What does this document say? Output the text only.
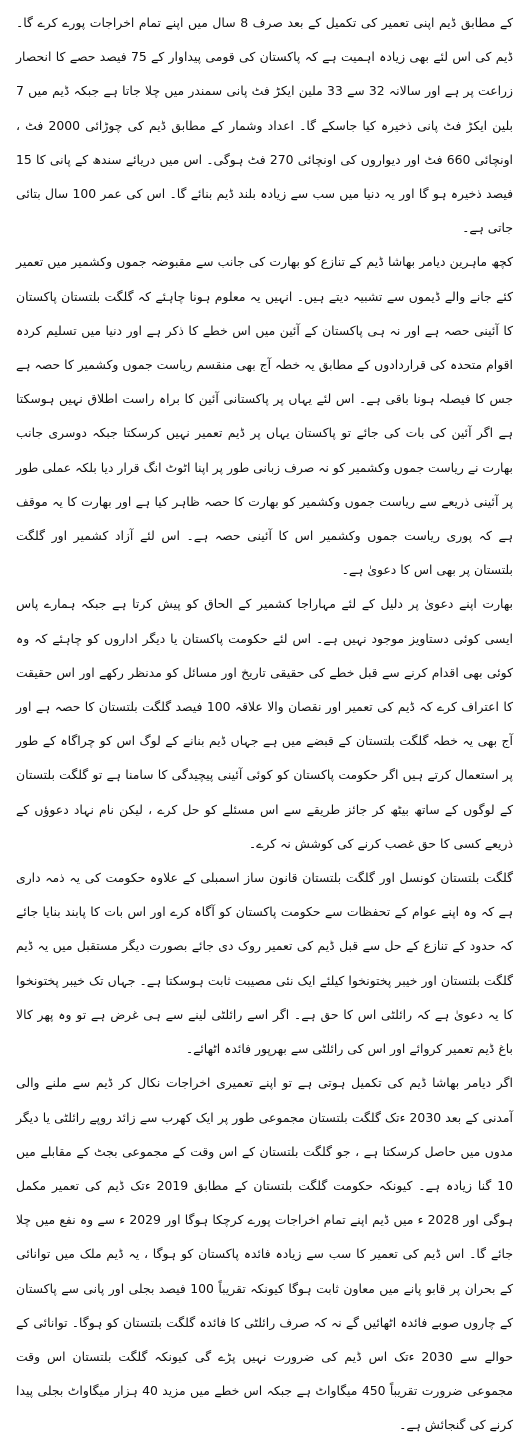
کے مطابق ڈیم اپنی تعمیر کی تکمیل کے بعد صرف 8 سال میں اپنے تمام اخراجات پورے کرے گا۔ ڈیم کی اس لئے بھی زیادہ اہمیت ہے کہ پاکستان کی قومی پیداوار کے 75 فیصد حصے کا انحصار زراعت پر ہے اور سالانہ 32 سے 33 ملین ایکڑ فٹ پانی سمندر میں چلا جاتا ہے جبکہ ڈیم میں 7 بلین ایکڑ فٹ پانی ذخیرہ کیا جاسکے گا۔ اعداد وشمار کے مطابق ڈیم کی چوڑائی 2000 فٹ ، اونچائی 660 فٹ اور دیواروں کی اونچائی 270 فٹ ہوگی۔ اس میں دریائے سندھ کے پانی کا 15 فیصد ذخیرہ ہو گا اور یہ دنیا میں سب سے زیادہ بلند ڈیم بنائے گا۔ اس کی عمر 100 سال بتائی جاتی ہے۔

کچھ ماہرین دیامر بھاشا ڈیم کے تنازع کو بھارت کی جانب سے مقبوضہ جموں وکشمیر میں تعمیر کئے جانے والے ڈیموں سے تشبیہ دیتے ہیں۔ انہیں یہ معلوم ہونا چاہئے کہ گلگت بلتستان پاکستان کا آئینی حصہ ہے اور نہ ہی پاکستان کے آئین میں اس خطے کا ذکر ہے اور دنیا میں تسلیم کردہ اقوام متحدہ کی قراردادوں کے مطابق یہ خطہ آج بھی منقسم ریاست جموں وکشمیر کا حصہ ہے جس کا فیصلہ ہونا باقی ہے۔ اس لئے یہاں پر پاکستانی آئین کا براہ راست اطلاق نہیں ہوسکتا ہے اگر آئین کی بات کی جائے تو پاکستان یہاں پر ڈیم تعمیر نہیں کرسکتا جبکہ دوسری جانب بھارت نے ریاست جموں وکشمیر کو نہ صرف زبانی طور پر اپنا اٹوٹ انگ قرار دیا بلکہ عملی طور پر آئینی ذریعے سے ریاست جموں وکشمیر کو بھارت کا حصہ ظاہر کیا ہے اور بھارت کا یہ موقف ہے کہ پوری ریاست جموں وکشمیر اس کا آئینی حصہ ہے۔ اس لئے آزاد کشمیر اور گلگت بلتستان پر بھی اس کا دعویٰ ہے۔

بھارت اپنے دعویٰ پر دلیل کے لئے مہاراجا کشمیر کے الحاق کو پیش کرتا ہے جبکہ ہمارے پاس ایسی کوئی دستاویز موجود نہیں ہے۔ اس لئے حکومت پاکستان یا دیگر اداروں کو چاہئے کہ وہ کوئی بھی اقدام کرنے سے قبل خطے کی حقیقی تاریخ اور مسائل کو مدنظر رکھے اور اس حقیقت کا اعتراف کرے کہ ڈیم کی تعمیر اور نقصان والا علاقہ 100 فیصد گلگت بلتستان کا حصہ ہے اور آج بھی یہ خطہ گلگت بلتستان کے قبضے میں ہے جہاں ڈیم بنانے کے لوگ اس کو چراگاہ کے طور پر استعمال کرتے ہیں اگر حکومت پاکستان کو کوئی آئینی پیچیدگی کا سامنا ہے تو گلگت بلتستان کے لوگوں کے ساتھ بیٹھ کر جائز طریقے سے اس مسئلے کو حل کرے ، لیکن نام نہاد دعوؤں کے ذریعے کسی کا حق غصب کرنے کی کوشش نہ کرے۔

گلگت بلتستان کونسل اور گلگت بلتستان قانون ساز اسمبلی کے علاوہ حکومت کی یہ ذمہ داری ہے کہ وہ اپنے عوام کے تحفظات سے حکومت پاکستان کو آگاہ کرے اور اس بات کا پابند بنایا جائے کہ حدود کے تنازع کے حل سے قبل ڈیم کی تعمیر روک دی جائے بصورت دیگر مستقبل میں یہ ڈیم گلگت بلتستان اور خیبر پختونخوا کیلئے ایک نئی مصیبت ثابت ہوسکتا ہے۔ جہاں تک خیبر پختونخوا کا یہ دعویٰ ہے کہ رائلٹی اس کا حق ہے۔ اگر اسے رائلٹی لینے سے ہی غرض ہے تو وہ پھر کالا باغ ڈیم تعمیر کروائے اور اس کی رائلٹی سے بھرپور فائدہ اٹھائے۔

اگر دیامر بھاشا ڈیم کی تکمیل ہوتی ہے تو اپنے تعمیری اخراجات نکال کر ڈیم سے ملنے والی آمدنی کے بعد 2030 ءتک گلگت بلتستان مجموعی طور پر ایک کھرب سے زائد روپے رائلٹی یا دیگر مدوں میں حاصل کرسکتا ہے ، جو گلگت بلتستان کے اس وقت کے مجموعی بجٹ کے مقابلے میں 10 گنا زیادہ ہے۔ کیونکہ حکومت گلگت بلتستان کے مطابق 2019 ءتک ڈیم کی تعمیر مکمل ہوگی اور 2028 ء میں ڈیم اپنے تمام اخراجات پورے کرچکا ہوگا اور 2029 ء سے وہ نفع میں چلا جائے گا۔ اس ڈیم کی تعمیر کا سب سے زیادہ فائدہ پاکستان کو ہوگا ، یہ ڈیم ملک میں توانائی کے بحران پر قابو پانے میں معاون ثابت ہوگا کیونکہ تقریباً 100 فیصد بجلی اور پانی سے پاکستان کے چاروں صوبے فائدہ اٹھائیں گے نہ کہ صرف رائلٹی کا فائدہ گلگت بلتستان کو ہوگا۔ توانائی کے حوالے سے 2030 ءتک اس ڈیم کی ضرورت نہیں پڑے گی کیونکہ گلگت بلتستان اس وقت مجموعی ضرورت تقریباً 450 میگاواٹ ہے جبکہ اس خطے میں مزید 40 ہزار میگاواٹ بجلی پیدا کرنے کی گنجائش ہے۔
